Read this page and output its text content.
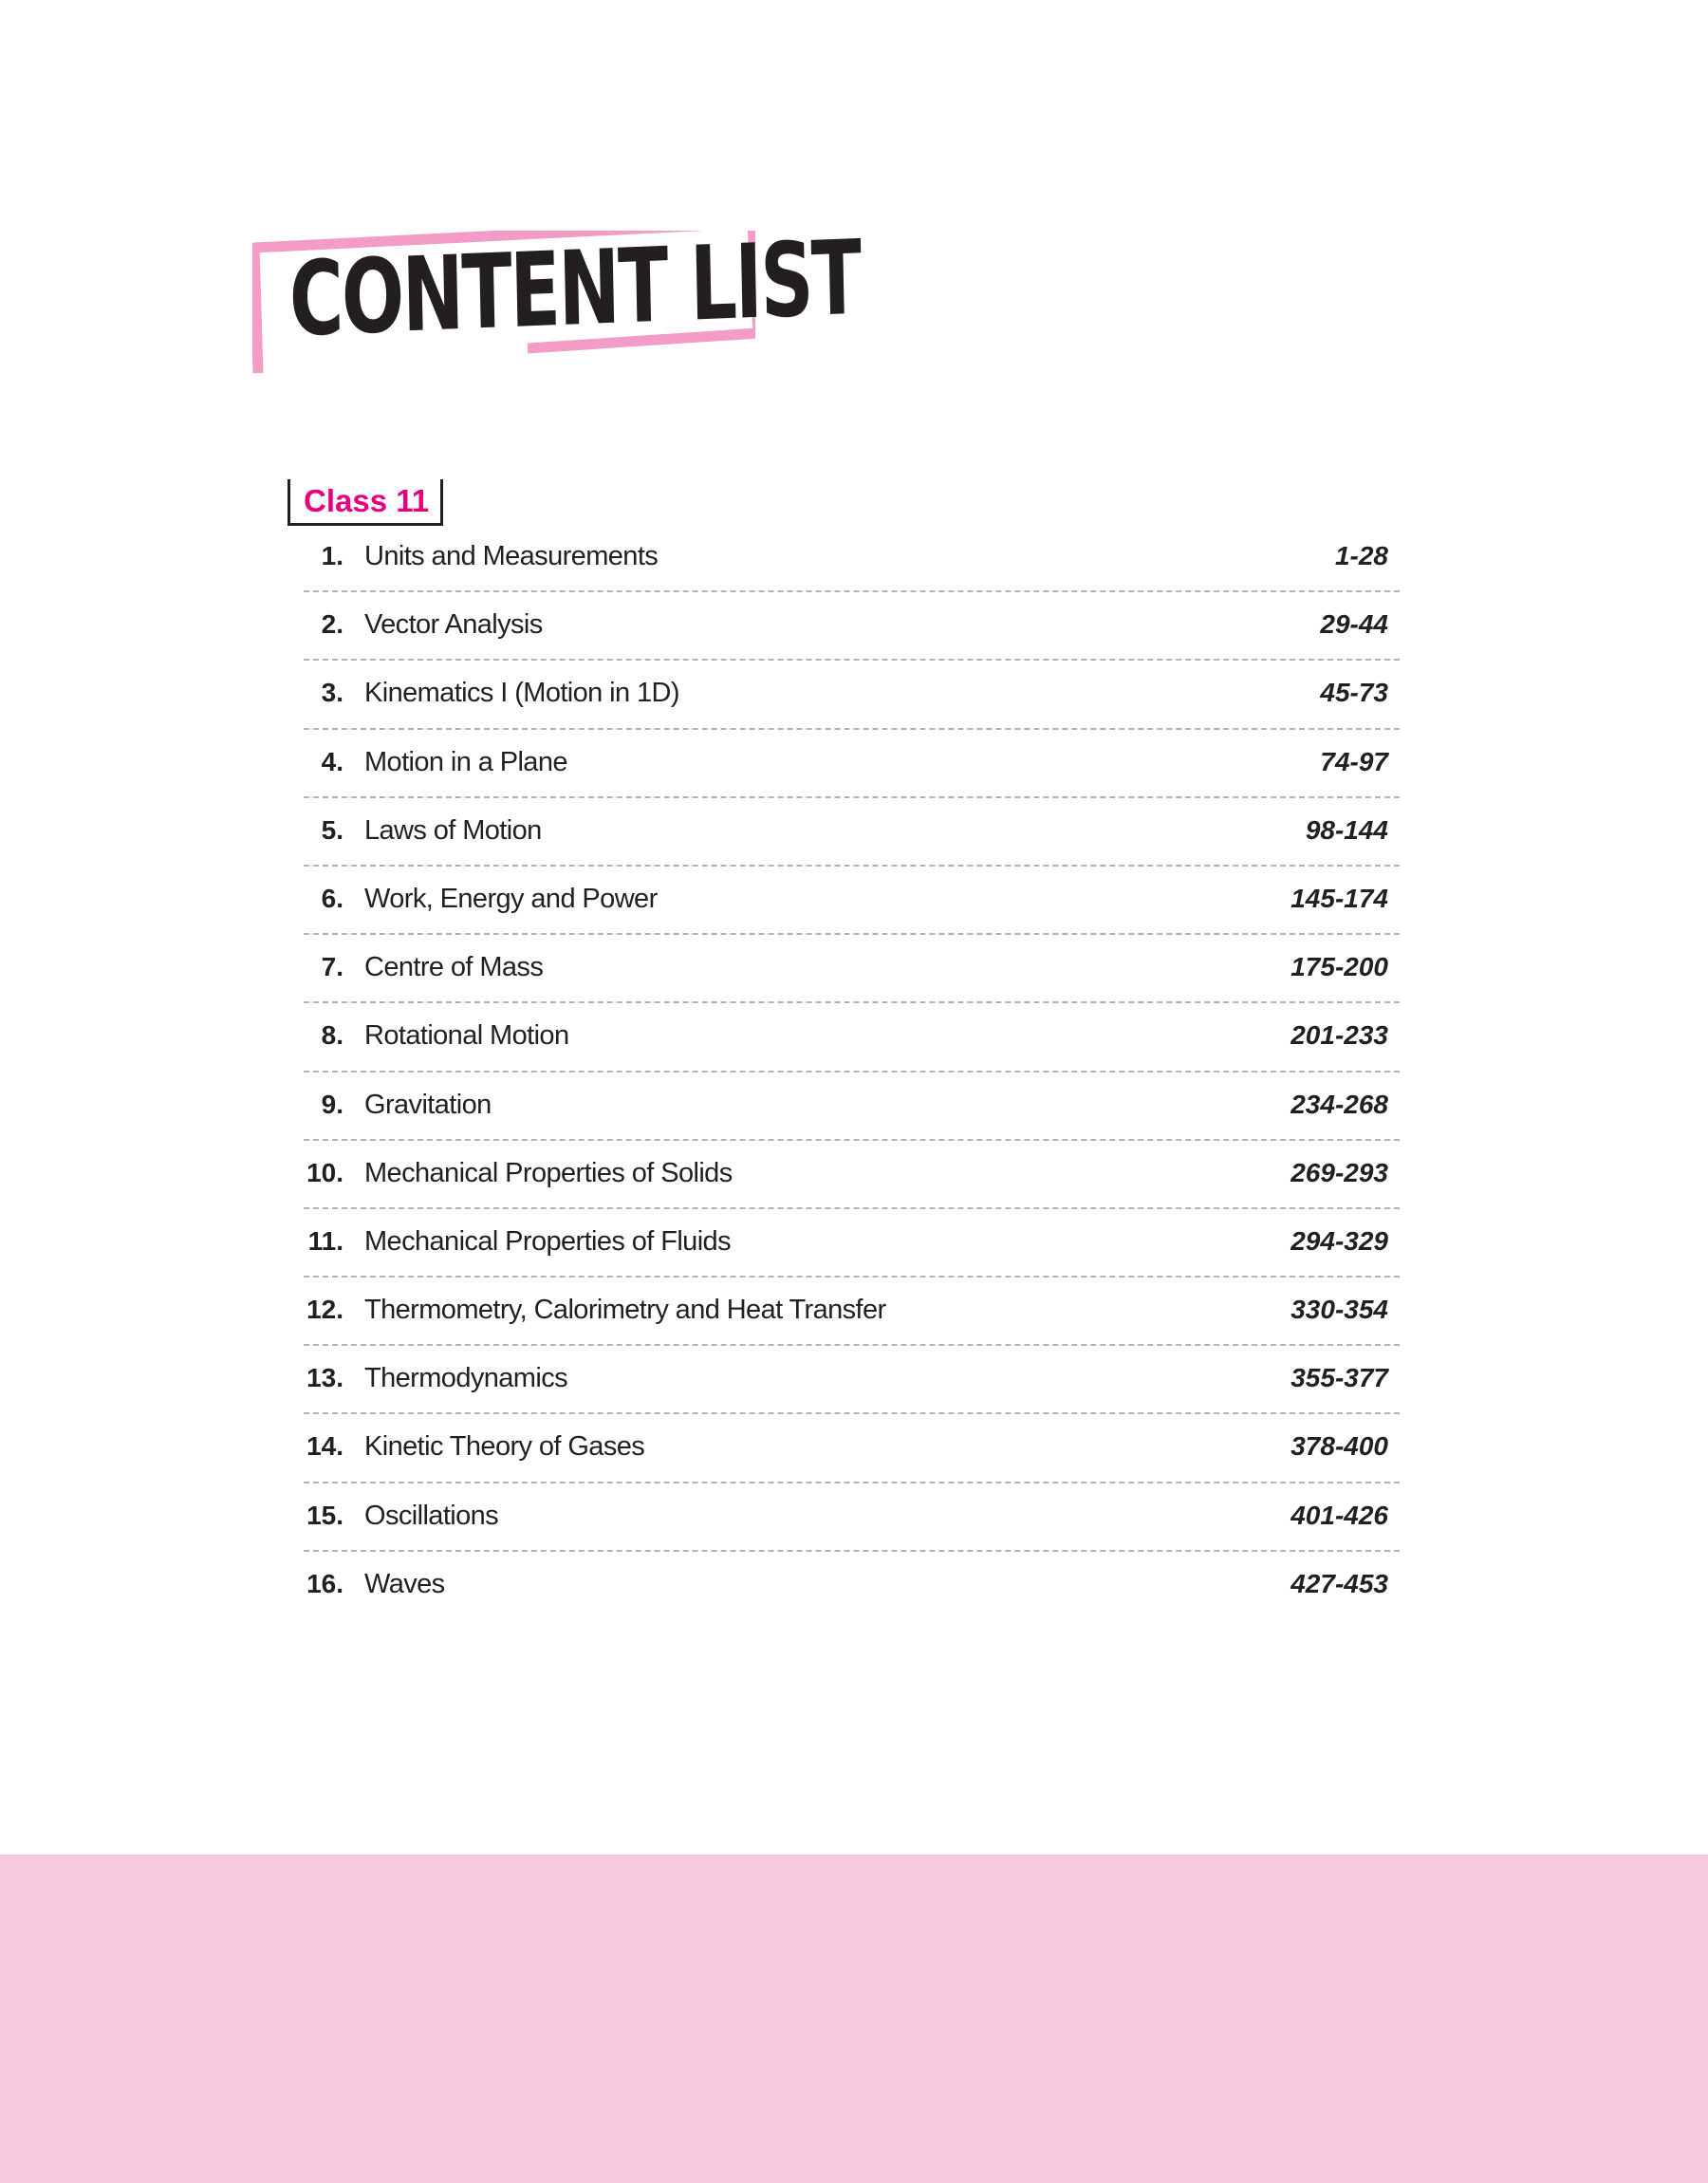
CONTENT LIST
Class 11
1. Units and Measurements	1-28
2. Vector Analysis	29-44
3. Kinematics I (Motion in 1D)	45-73
4. Motion in a Plane	74-97
5. Laws of Motion	98-144
6. Work, Energy and Power	145-174
7. Centre of Mass	175-200
8. Rotational Motion	201-233
9. Gravitation	234-268
10. Mechanical Properties of Solids	269-293
11. Mechanical Properties of Fluids	294-329
12. Thermometry, Calorimetry and Heat Transfer	330-354
13. Thermodynamics	355-377
14. Kinetic Theory of Gases	378-400
15. Oscillations	401-426
16. Waves	427-453
